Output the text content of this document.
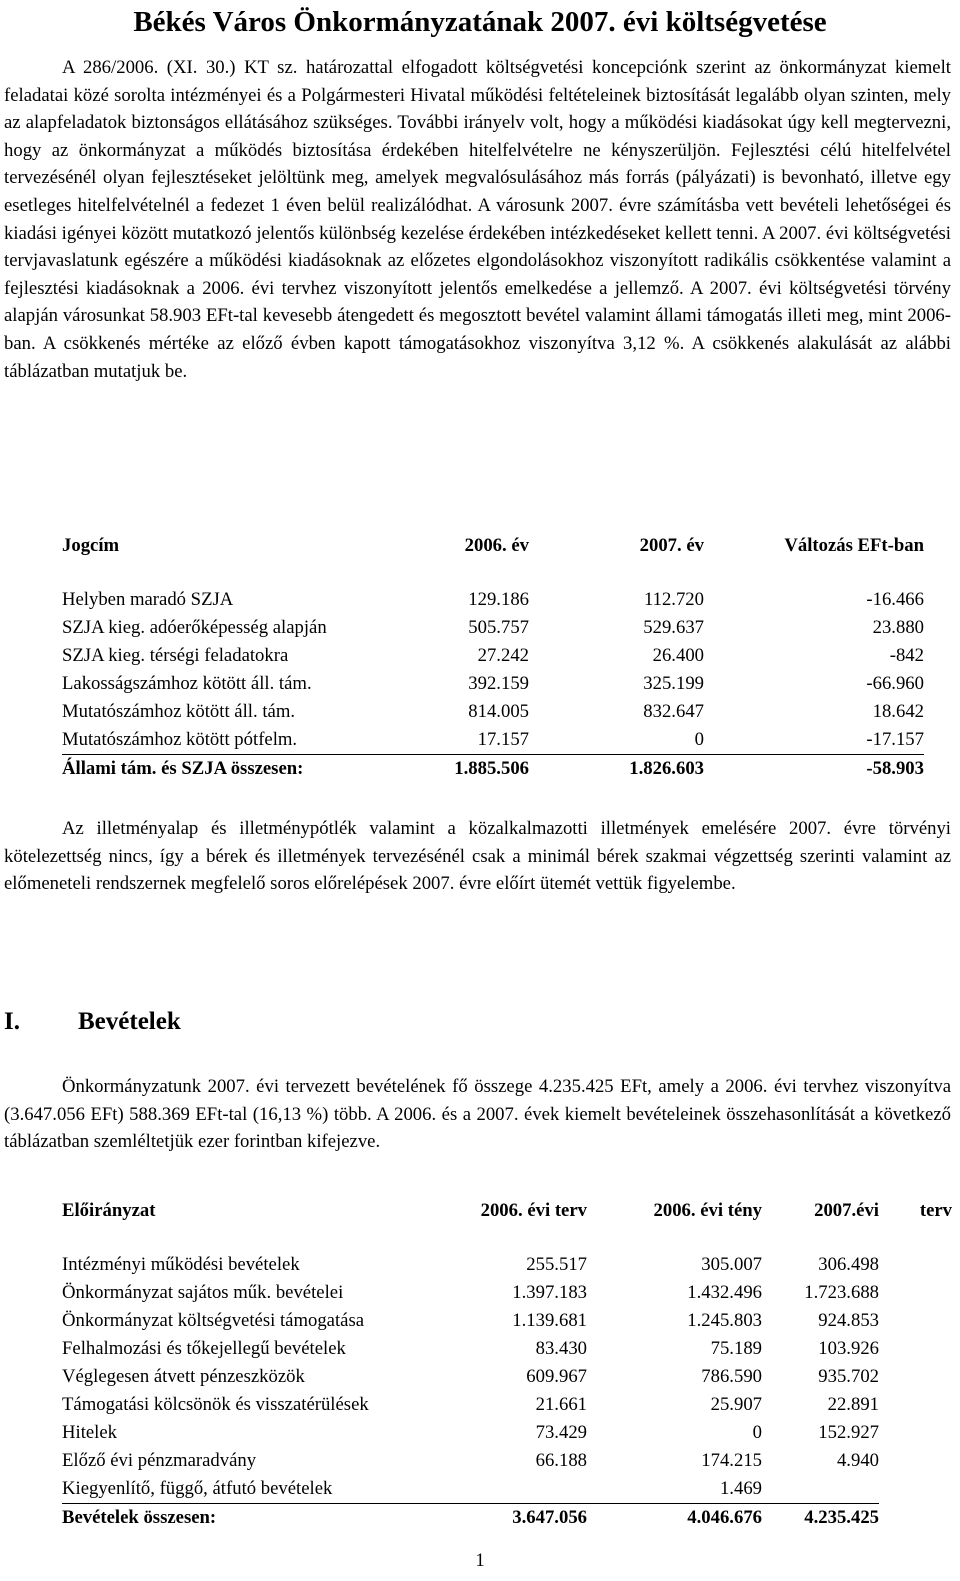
Békés Város Önkormányzatának 2007. évi költségvetése

A 286/2006. (XI. 30.) KT sz. határozattal elfogadott költségvetési koncepciónk szerint az önkormányzat kiemelt feladatai közé sorolta intézményei és a Polgármesteri Hivatal működési feltételeinek biztosítását legalább olyan szinten, mely az alapfeladatok biztonságos ellátásához szükséges. További irányelv volt, hogy a működési kiadásokat úgy kell megtervezni, hogy az önkormányzat a működés biztosítása érdekében hitelfelvételre ne kényszerüljön. Fejlesztési célú hitelfelvétel tervezésénél olyan fejlesztéseket jelöltünk meg, amelyek megvalósulásához más forrás (pályázati) is bevonható, illetve egy esetleges hitelfelvételnél a fedezet 1 éven belül realizálódhat. A városunk 2007. évre számításba vett bevételi lehetőségei és kiadási igényei között mutatkozó jelentős különbség kezelése érdekében intézkedéseket kellett tenni. A 2007. évi költségvetési tervjavaslatunk egészére a működési kiadásoknak az előzetes elgondolásokhoz viszonyított radikális csökkentése valamint a fejlesztési kiadásoknak a 2006. évi tervhez viszonyított jelentős emelkedése a jellemző. A 2007. évi költségvetési törvény alapján városunkat 58.903 EFt-tal kevesebb átengedett és megosztott bevétel valamint állami támogatás illeti meg, mint 2006-ban. A csökkenés mértéke az előző évben kapott támogatásokhoz viszonyítva 3,12 %. A csökkenés alakulását az alábbi táblázatban mutatjuk be.

Jogcím	2006. év	2007. év	Változás EFt-ban

Helyben maradó SZJA	129.186	112.720	-16.466
SZJA kieg. adóerőképesség alapján	505.757	529.637	23.880
SZJA kieg. térségi feladatokra	27.242	26.400	-842
Lakosságszámhoz kötött áll. tám.	392.159	325.199	-66.960
Mutatószámhoz kötött áll. tám.	814.005	832.647	18.642
Mutatószámhoz kötött pótfelm.	17.157	0	-17.157
Állami tám. és SZJA összesen:	1.885.506	1.826.603	-58.903

Az illetményalap és illetménypótlék valamint a közalkalmazotti illetmények emelésére 2007. évre törvényi kötelezettség nincs, így a bérek és illetmények tervezésénél csak a minimál bérek szakmai végzettség szerinti valamint az előmeneteli rendszernek megfelelő soros előrelépések 2007. évre előírt ütemét vettük figyelembe.

I. Bevételek

Önkormányzatunk 2007. évi tervezett bevételének fő összege 4.235.425 EFt, amely a 2006. évi tervhez viszonyítva (3.647.056 EFt) 588.369 EFt-tal (16,13 %) több. A 2006. és a 2007. évek kiemelt bevételeinek összehasonlítását a következő táblázatban szemléltetjük ezer forintban kifejezve.

Előirányzat	2006. évi terv	2006. évi tény	2007.évi	terv

Intézményi működési bevételek	255.517	305.007	306.498	
Önkormányzat sajátos műk. bevételei	1.397.183	1.432.496	1.723.688	
Önkormányzat költségvetési támogatása	1.139.681	1.245.803	924.853	
Felhalmozási és tőkejellegű bevételek	83.430	75.189	103.926	
Véglegesen átvett pénzeszközök	609.967	786.590	935.702	
Támogatási kölcsönök és visszatérülések	21.661	25.907	22.891	
Hitelek	73.429	0	152.927	
Előző évi pénzmaradvány	66.188	174.215	4.940	
Kiegyenlítő, függő, átfutó bevételek		1.469		
Bevételek összesen:	3.647.056	4.046.676	4.235.425	
1
